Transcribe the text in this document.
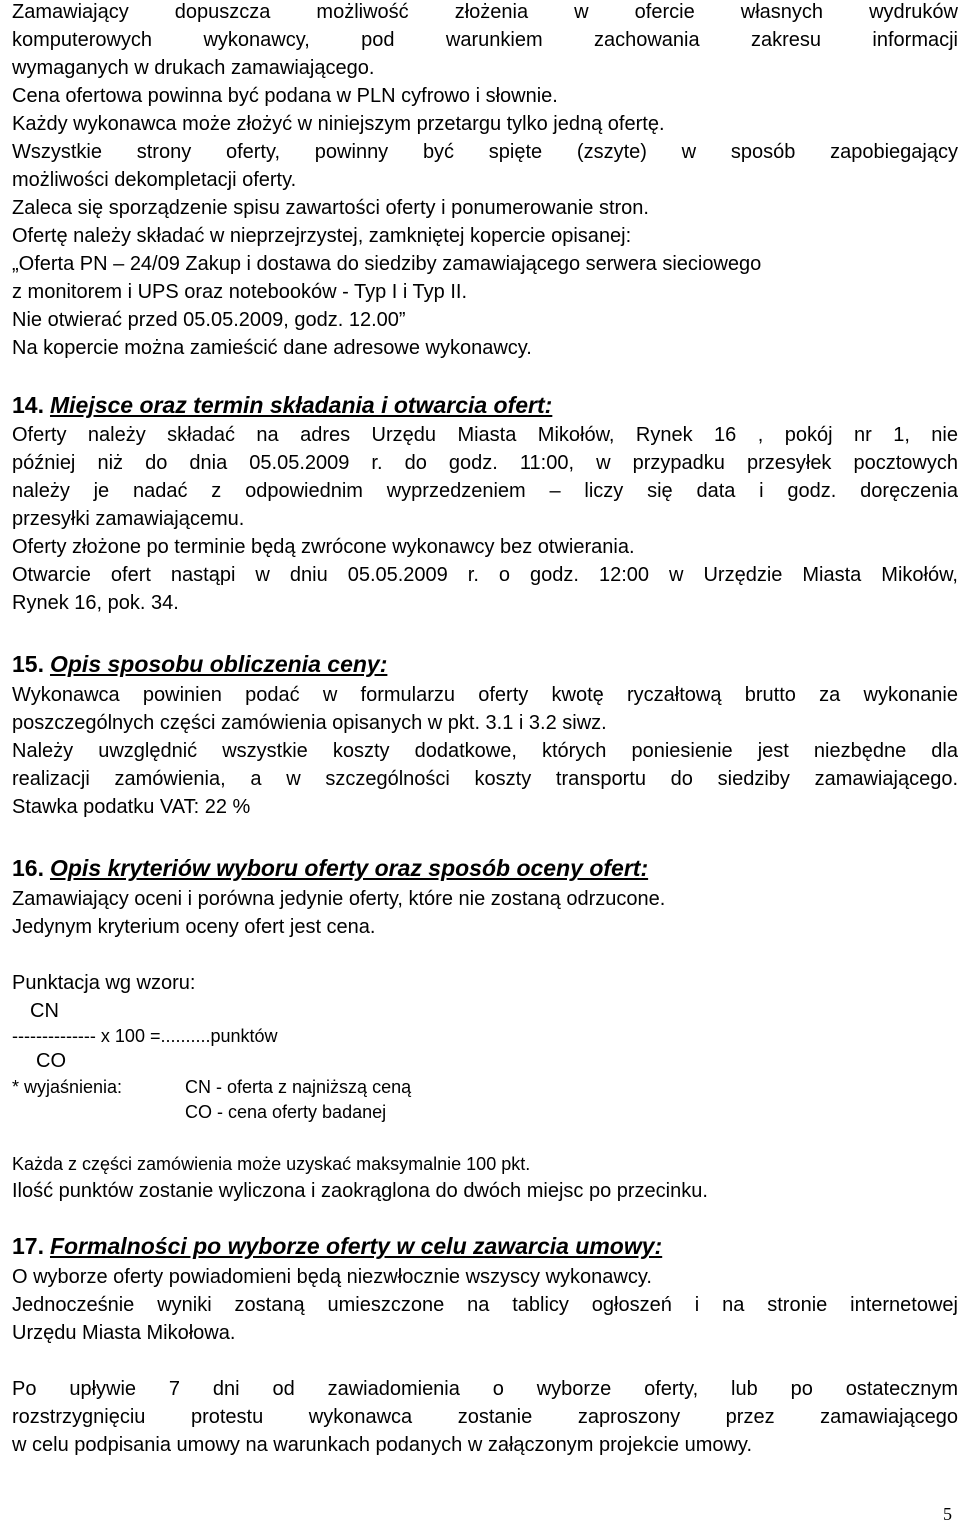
Zamawiający dopuszcza możliwość złożenia w ofercie własnych wydruków
komputerowych wykonawcy, pod warunkiem zachowania zakresu informacji
wymaganych w drukach zamawiającego.
Cena ofertowa powinna być podana w PLN cyfrowo i słownie.
Każdy wykonawca może złożyć w niniejszym przetargu tylko jedną ofertę.
Wszystkie strony oferty, powinny być spięte (zszyte) w sposób zapobiegający
możliwości dekompletacji oferty.
Zaleca się sporządzenie spisu zawartości oferty i ponumerowanie stron.
Ofertę należy składać w nieprzejrzystej, zamkniętej kopercie opisanej:
„Oferta PN – 24/09 Zakup i dostawa do siedziby zamawiającego serwera sieciowego
z monitorem i UPS oraz notebooków - Typ I i Typ II.
Nie otwierać przed 05.05.2009, godz. 12.00”
Na kopercie można zamieścić dane adresowe wykonawcy.
14. Miejsce oraz termin składania i otwarcia ofert:
Oferty należy składać na adres Urzędu Miasta Mikołów, Rynek 16 , pokój nr 1, nie
później niż do dnia 05.05.2009 r. do godz. 11:00, w przypadku przesyłek pocztowych
należy je nadać z odpowiednim wyprzedzeniem – liczy się data i godz. doręczenia
przesyłki zamawiającemu.
Oferty złożone po terminie będą zwrócone wykonawcy bez otwierania.
Otwarcie ofert nastąpi w dniu 05.05.2009 r. o godz. 12:00 w Urzędzie Miasta Mikołów,
Rynek 16, pok. 34.
15. Opis sposobu obliczenia ceny:
Wykonawca powinien podać w formularzu oferty kwotę ryczałtową brutto za wykonanie
poszczególnych części zamówienia opisanych w pkt. 3.1 i 3.2 siwz.
Należy uwzględnić wszystkie koszty dodatkowe, których poniesienie jest niezbędne dla
realizacji zamówienia, a w szczególności koszty transportu do siedziby zamawiającego.
Stawka podatku VAT: 22 %
16. Opis kryteriów wyboru oferty oraz sposób oceny ofert:
Zamawiający oceni i porówna jedynie oferty, które nie zostaną odrzucone.
Jedynym kryterium oceny ofert jest cena.
Punktacja wg wzoru:
CN
-------------- x 100 =..........punktów
CO
* wyjaśnienia:	CN - oferta z najniższą ceną
CO - cena oferty badanej
Każda z części zamówienia może uzyskać maksymalnie 100 pkt.
Ilość punktów zostanie wyliczona i zaokrąglona do dwóch miejsc po przecinku.
17. Formalności po wyborze oferty w celu zawarcia umowy:
O wyborze oferty powiadomieni będą niezwłocznie wszyscy wykonawcy.
Jednocześnie wyniki zostaną umieszczone na tablicy ogłoszeń i na stronie internetowej
Urzędu Miasta Mikołowa.
Po upływie 7 dni od zawiadomienia o wyborze oferty, lub po ostatecznym
rozstrzygnięciu protestu wykonawca zostanie zaproszony przez zamawiającego
w celu podpisania umowy na warunkach podanych w załączonym projekcie umowy.
5
